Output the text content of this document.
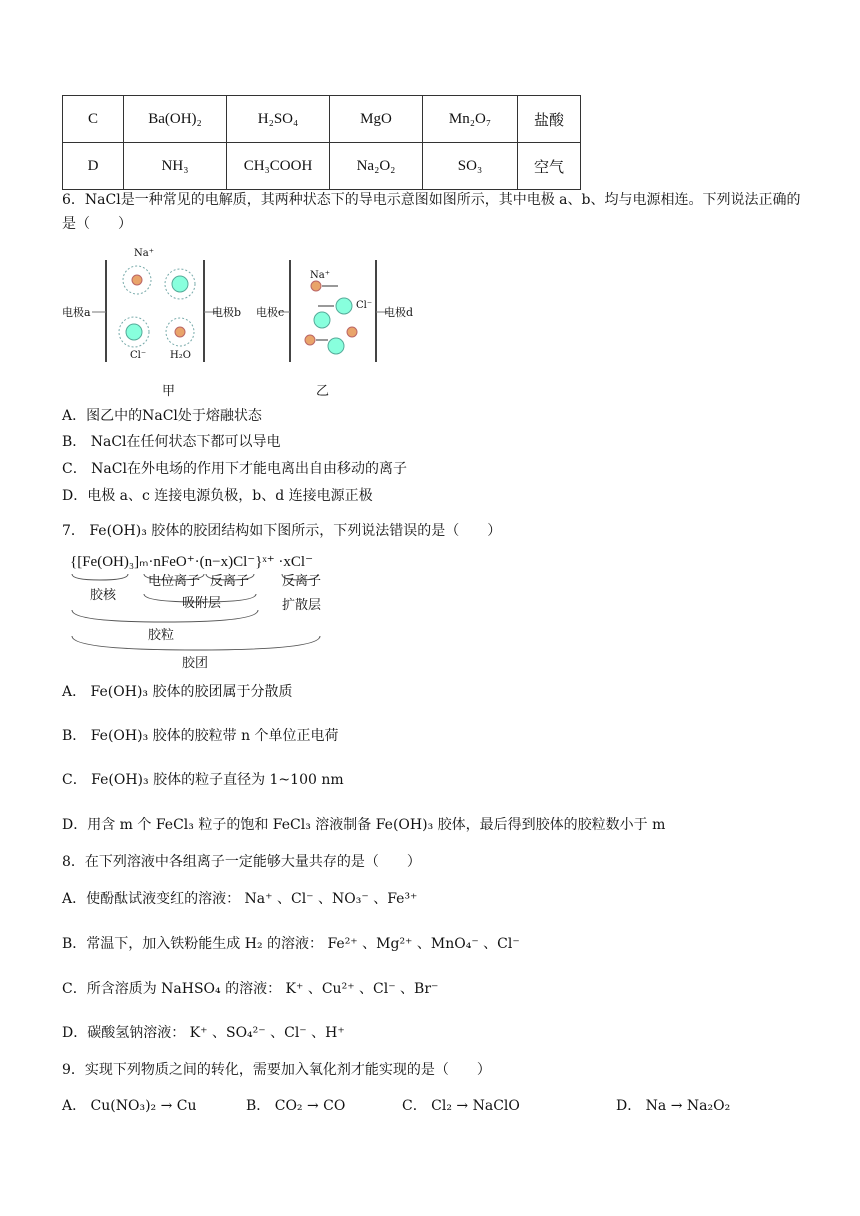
C	Ba(OH)₂	H₂SO₄	MgO	Mn₂O₇	盐酸
D	NH₃	CH₃COOH	Na₂O₂	SO₃	空气
6．NaCl是一种常见的电解质，其两种状态下的导电示意图如图所示，其中电极 a、b、均与电源相连。下列说法正确的是（　　）
电极a	电极b
Na⁺
Cl⁻ H₂O
电极c	电极d
Na⁺
Cl⁻
甲	乙
A．图乙中的NaCl处于熔融状态
B． NaCl在任何状态下都可以导电
C． NaCl在外电场的作用下才能电离出自由移动的离子
D．电极 a、c 连接电源负极，b、d 连接电源正极
7． Fe(OH)₃ 胶体的胶团结构如下图所示，下列说法错误的是（　　）
{[Fe(OH)₃]ₘ·nFeO⁺·(n−x)Cl⁻}ˣ⁺ ·xCl⁻
胶核
电位离子 反离子
吸附层
反离子
扩散层
胶粒
胶团
A． Fe(OH)₃ 胶体的胶团属于分散质
B． Fe(OH)₃ 胶体的胶粒带 n 个单位正电荷
C． Fe(OH)₃ 胶体的粒子直径为 1~100 nm
D．用含 m 个 FeCl₃ 粒子的饱和 FeCl₃ 溶液制备 Fe(OH)₃ 胶体，最后得到胶体的胶粒数小于 m
8．在下列溶液中各组离子一定能够大量共存的是（　　）
A．使酚酞试液变红的溶液： Na⁺ 、Cl⁻ 、NO₃⁻ 、Fe³⁺
B．常温下，加入铁粉能生成 H₂ 的溶液： Fe²⁺ 、Mg²⁺ 、MnO₄⁻ 、Cl⁻
C．所含溶质为 NaHSO₄ 的溶液： K⁺ 、Cu²⁺ 、Cl⁻ 、Br⁻
D．碳酸氢钠溶液： K⁺ 、SO₄²⁻ 、Cl⁻ 、H⁺
9．实现下列物质之间的转化，需要加入氧化剂才能实现的是（　　）
A． Cu(NO₃)₂ → Cu	B． CO₂ → CO	C． Cl₂ → NaClO	D． Na → Na₂O₂
